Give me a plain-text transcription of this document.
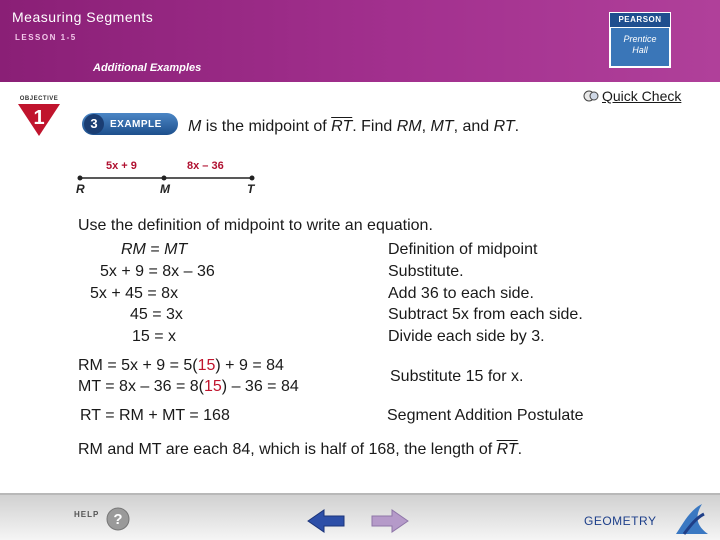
Measuring Segments
LESSON 1-5
Additional Examples
PEARSON
Prentice
Hall
Quick Check
OBJECTIVE
1	3	EXAMPLE M is the midpoint of $\overline{RT}$. Find RM, MT, and RT.
5x + 9	8x – 36
R	M	T
Use the definition of midpoint to write an equation.
RM = MT	Definition of midpoint
5x + 9 = 8x – 36	Substitute.
5x + 45 = 8x	Add 36 to each side.
45 = 3x	Subtract 5x from each side.
15 = x	Divide each side by 3.
RM = 5x + 9 = 5(15) + 9 = 84
MT = 8x – 36 = 8(15) – 36 = 84
Substitute 15 for x.
RT = RM + MT = 168	Segment Addition Postulate
RM and MT are each 84, which is half of 168, the length of $\overline{RT}$.
HELP ?	GEOMETRY
